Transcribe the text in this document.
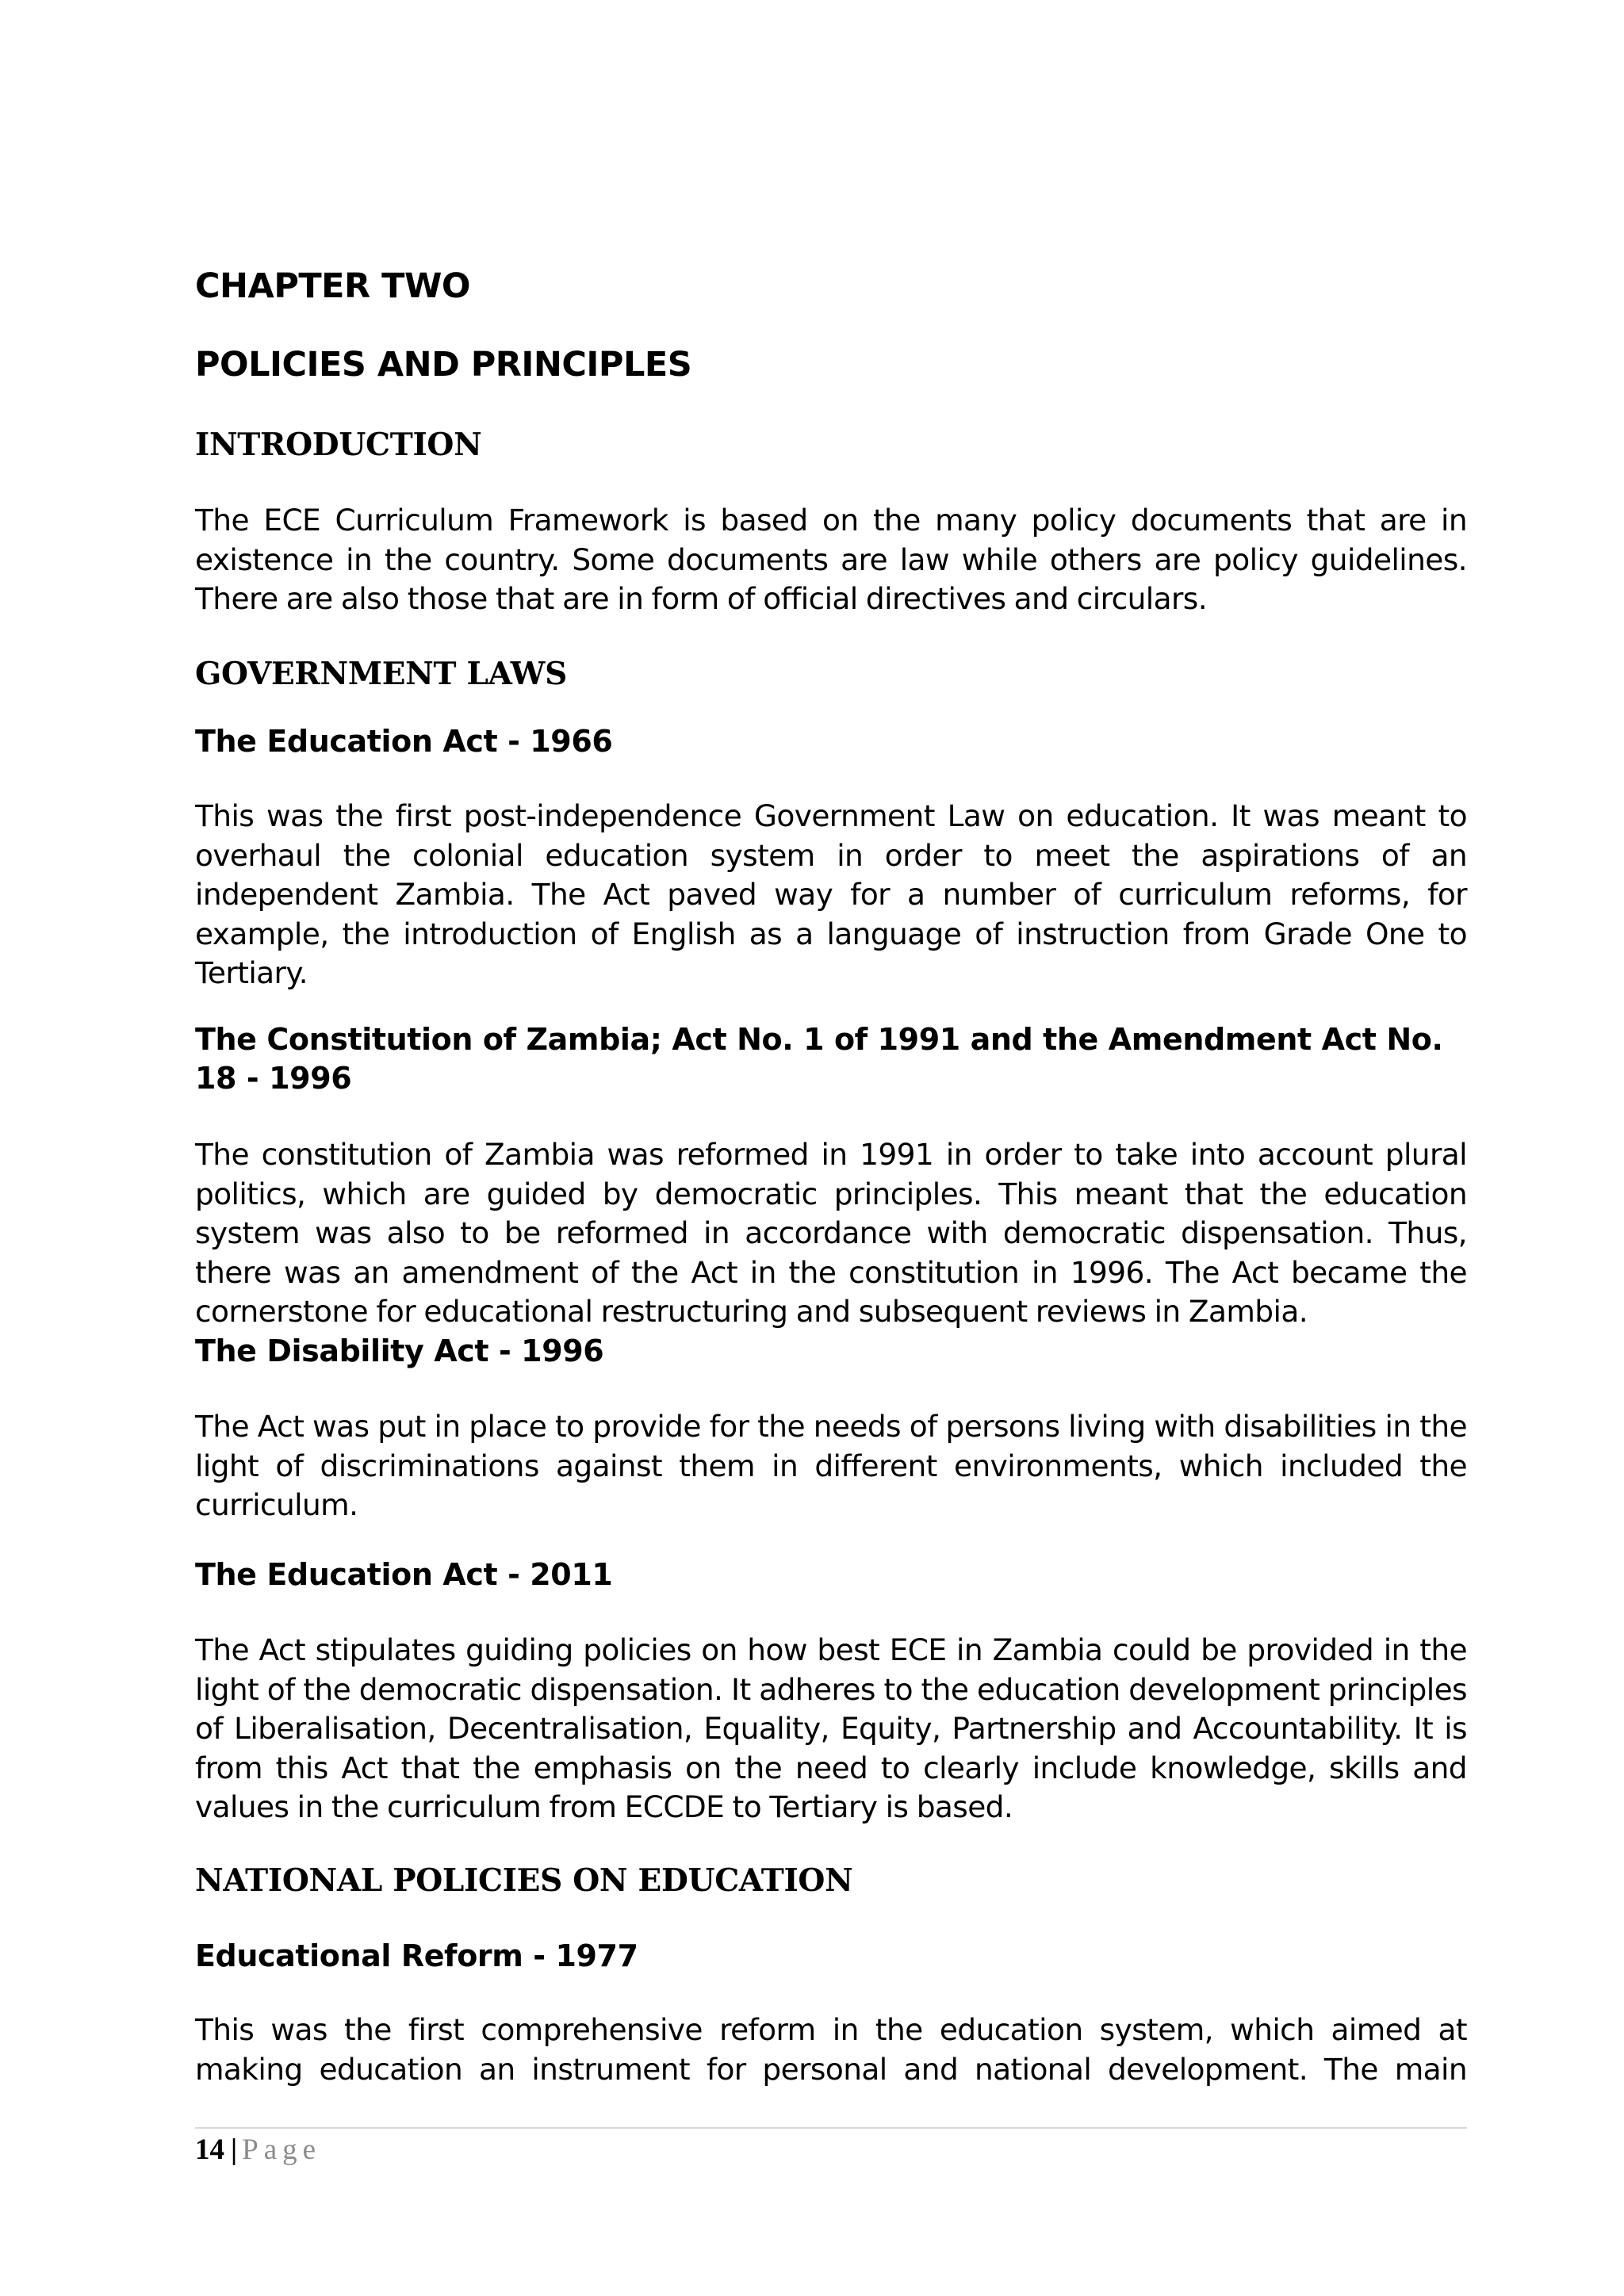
CHAPTER TWO
POLICIES AND PRINCIPLES
INTRODUCTION

The ECE Curriculum Framework is based on the many policy documents that are in existence in the country. Some documents are law while others are policy guidelines. There are also those that are in form of official directives and circulars.

GOVERNMENT LAWS
The Education Act - 1966

This was the first post-independence Government Law on education. It was meant to overhaul the colonial education system in order to meet the aspirations of an independent Zambia. The Act paved way for a number of curriculum reforms, for example, the introduction of English as a language of instruction from Grade One to Tertiary.

The Constitution of Zambia; Act No. 1 of 1991 and the Amendment Act No. 18 - 1996

The constitution of Zambia was reformed in 1991 in order to take into account plural politics, which are guided by democratic principles. This meant that the education system was also to be reformed in accordance with democratic dispensation. Thus, there was an amendment of the Act in the constitution in 1996. The Act became the cornerstone for educational restructuring and subsequent reviews in Zambia.

The Disability Act - 1996

The Act was put in place to provide for the needs of persons living with disabilities in the light of discriminations against them in different environments, which included the curriculum.

The Education Act - 2011

The Act stipulates guiding policies on how best ECE in Zambia could be provided in the light of the democratic dispensation. It adheres to the education development principles of Liberalisation, Decentralisation, Equality, Equity, Partnership and Accountability. It is from this Act that the emphasis on the need to clearly include knowledge, skills and values in the curriculum from ECCDE to Tertiary is based.

NATIONAL POLICIES ON EDUCATION
Educational Reform - 1977

This was the first comprehensive reform in the education system, which aimed at making education an instrument for personal and national development. The main

14 | Page
